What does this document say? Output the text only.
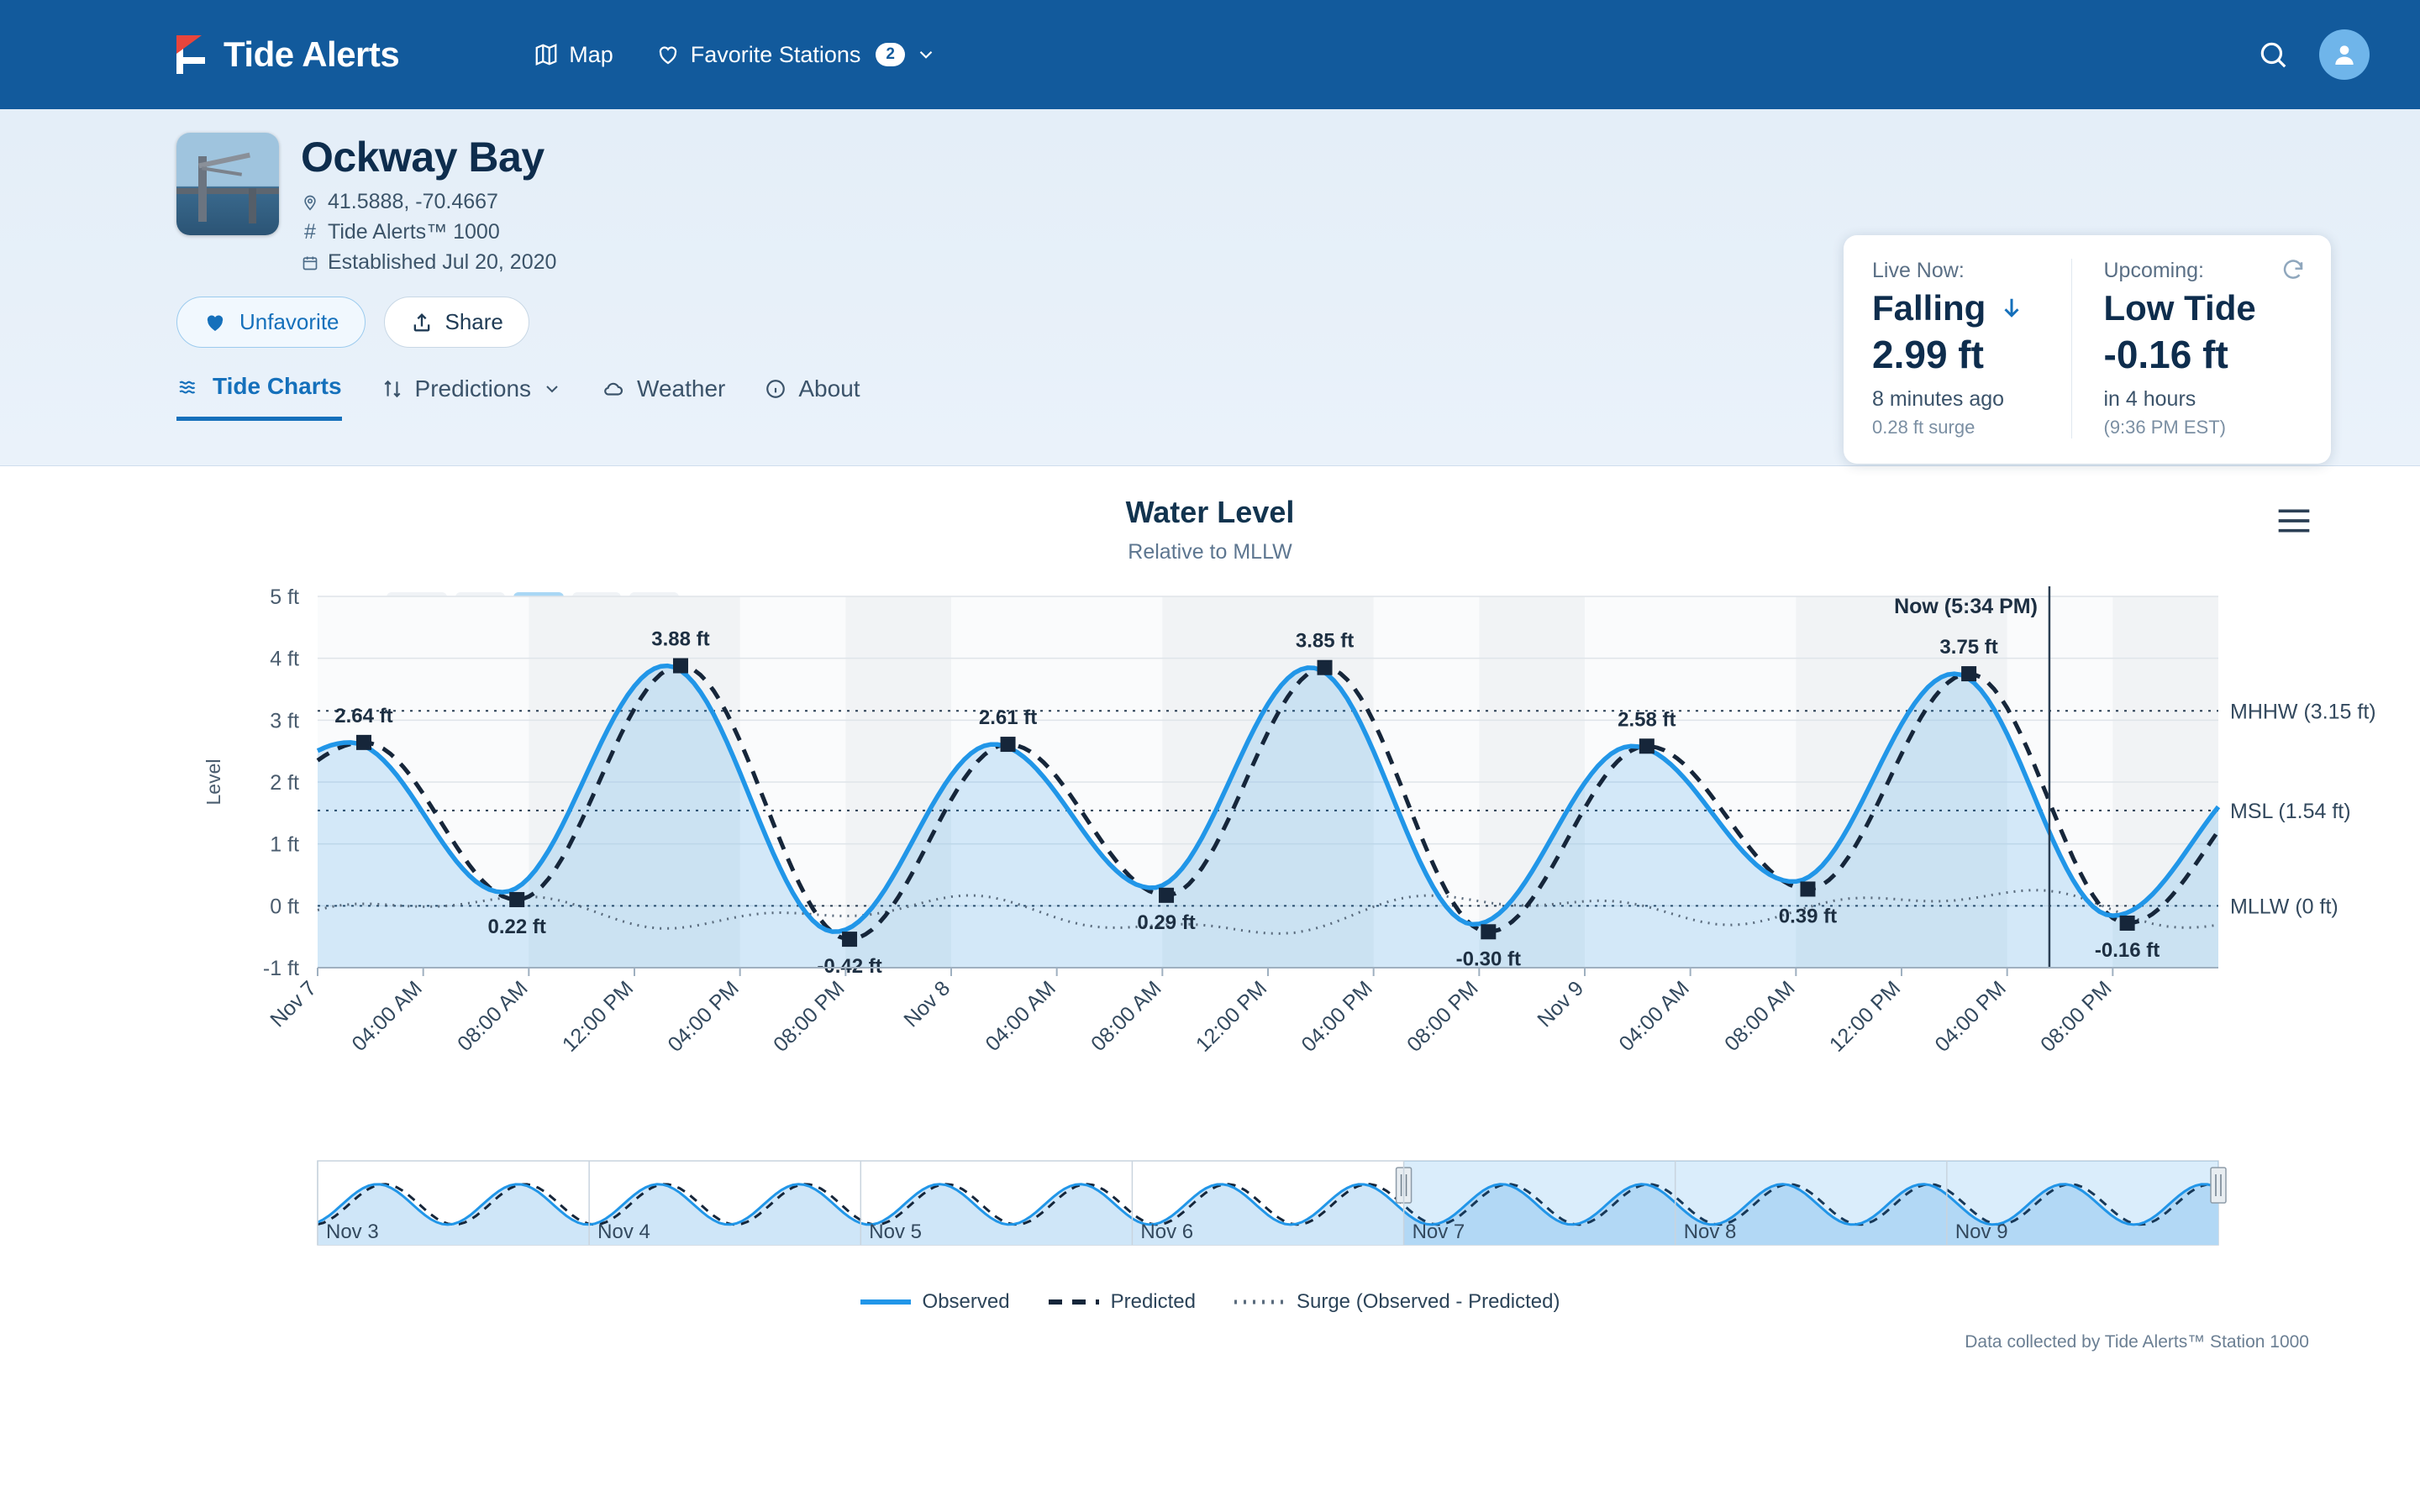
Tide Alerts	Map	Favorite Stations	2
Ockway Bay
41.5888, -70.4667
# Tide Alerts™ 1000
Established Jul 20, 2020
Unfavorite	Share
Tide Charts	Predictions	Weather	About
Live Now:
Falling
2.99 ft
8 minutes ago
0.28 ft surge
Upcoming:
Low Tide
-0.16 ft
in 4 hours
(9:36 PM EST)
Water Level
Relative to MLLW
-1 ft
0 ft
1 ft
2 ft
3 ft
4 ft
5 ft
Level
MHHW (3.15 ft)
MSL (1.54 ft)
MLLW (0 ft)
2.64 ft
0.22 ft
3.88 ft
-0.42 ft
2.61 ft
0.29 ft
3.85 ft
-0.30 ft
2.58 ft
0.39 ft
3.75 ft
-0.16 ft
Now (5:34 PM)
Nov 7 04:00 AM 08:00 AM 12:00 PM 04:00 PM 08:00 PM Nov 8 04:00 AM 08:00 AM 12:00 PM 04:00 PM 08:00 PM Nov 9 04:00 AM 08:00 AM 12:00 PM 04:00 PM 08:00 PM
Nov 3	Nov 4	Nov 5	Nov 6	Nov 7	Nov 8	Nov 9
Observed	Predicted	Surge (Observed - Predicted)
Data collected by Tide Alerts™ Station 1000
